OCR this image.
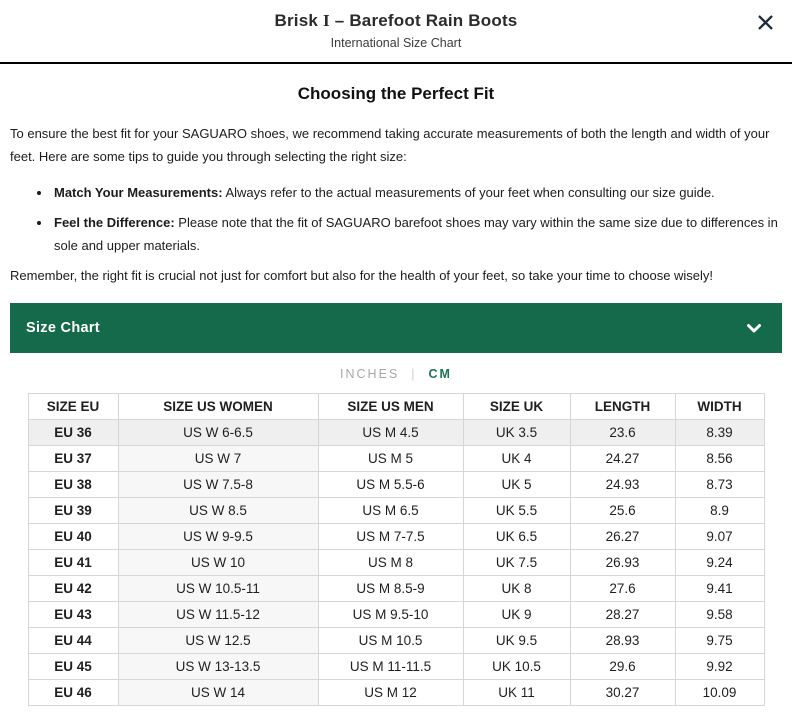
Brisk I – Barefoot Rain Boots
International Size Chart
Choosing the Perfect Fit

To ensure the best fit for your SAGUARO shoes, we recommend taking accurate measurements of both the length and width of your feet. Here are some tips to guide you through selecting the right size:

• Match Your Measurements: Always refer to the actual measurements of your feet when consulting our size guide.
• Feel the Difference: Please note that the fit of SAGUARO barefoot shoes may vary within the same size due to differences in sole and upper materials.

Remember, the right fit is crucial not just for comfort but also for the health of your feet, so take your time to choose wisely!

Size Chart
INCHES | CM
SIZE EU	SIZE US WOMEN	SIZE US MEN	SIZE UK	LENGTH	WIDTH
EU 36	US W 6-6.5	US M 4.5	UK 3.5	23.6	8.39
EU 37	US W 7	US M 5	UK 4	24.27	8.56
EU 38	US W 7.5-8	US M 5.5-6	UK 5	24.93	8.73
EU 39	US W 8.5	US M 6.5	UK 5.5	25.6	8.9
EU 40	US W 9-9.5	US M 7-7.5	UK 6.5	26.27	9.07
EU 41	US W 10	US M 8	UK 7.5	26.93	9.24
EU 42	US W 10.5-11	US M 8.5-9	UK 8	27.6	9.41
EU 43	US W 11.5-12	US M 9.5-10	UK 9	28.27	9.58
EU 44	US W 12.5	US M 10.5	UK 9.5	28.93	9.75
EU 45	US W 13-13.5	US M 11-11.5	UK 10.5	29.6	9.92
EU 46	US W 14	US M 12	UK 11	30.27	10.09
